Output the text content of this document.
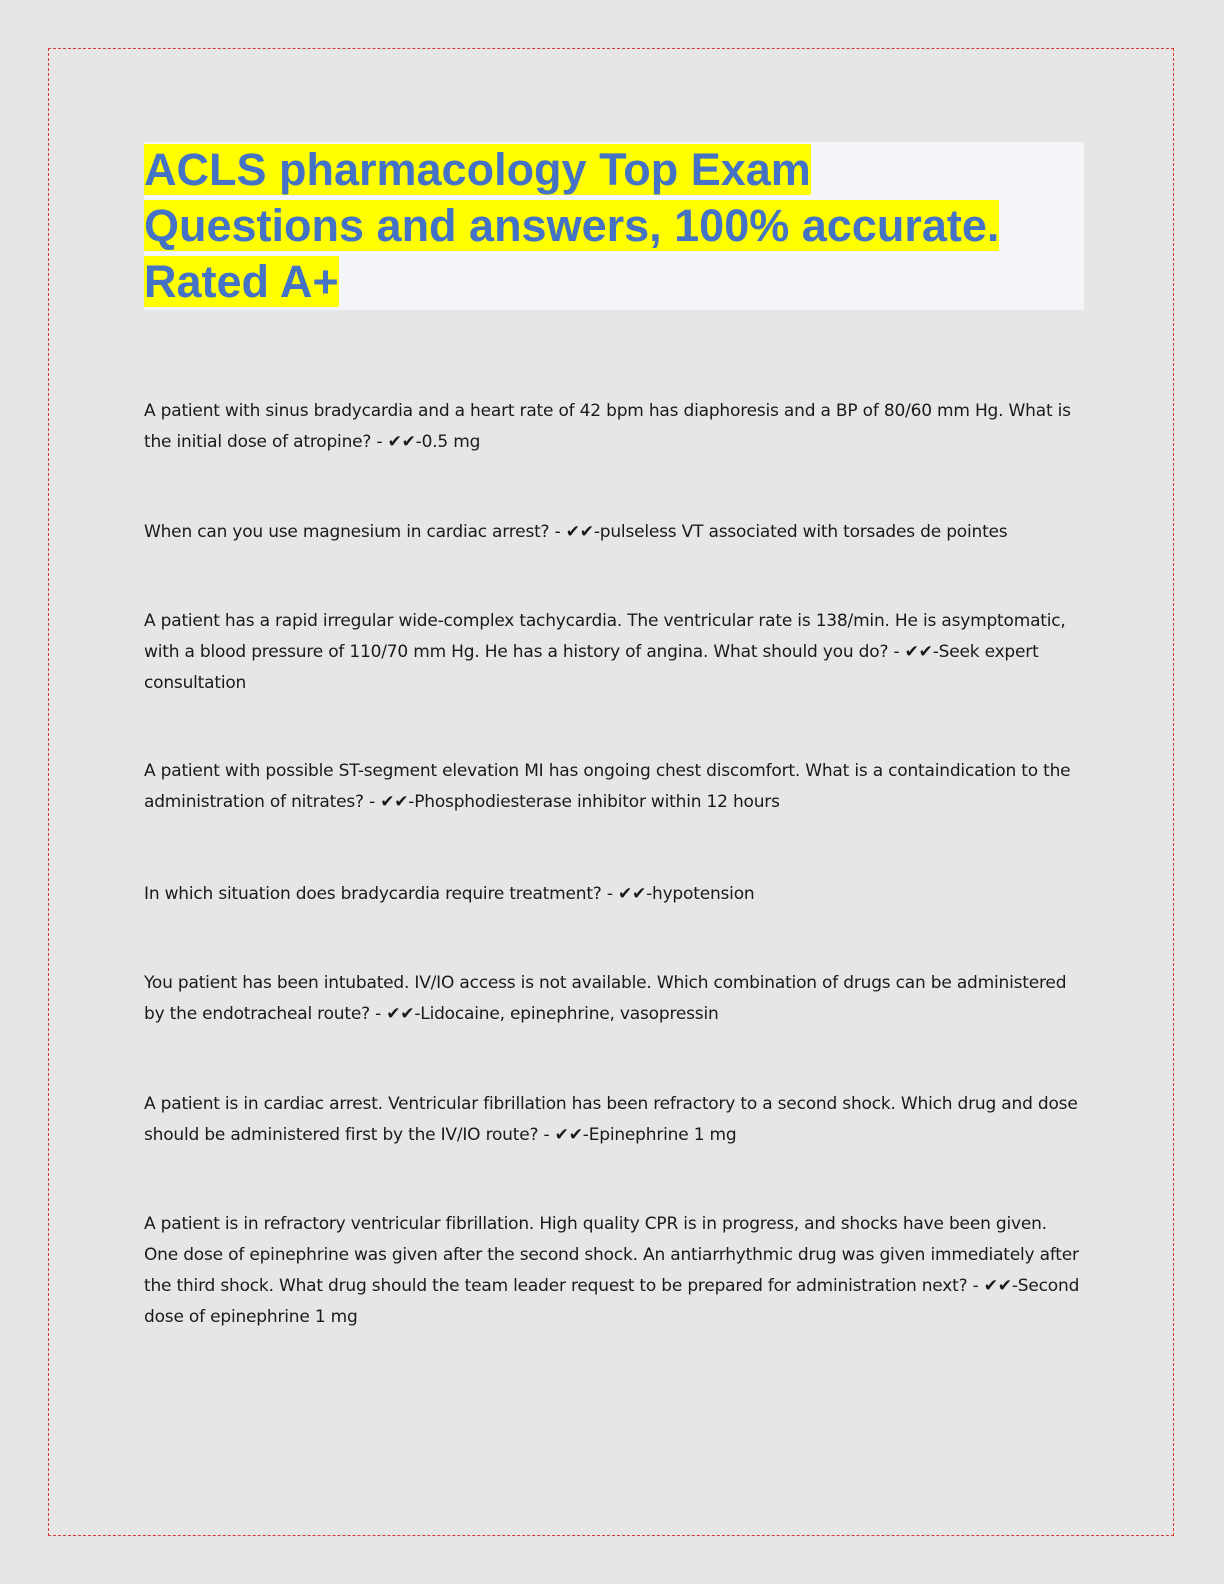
ACLS pharmacology Top Exam
Questions and answers, 100% accurate.
Rated A+

A patient with sinus bradycardia and a heart rate of 42 bpm has diaphoresis and a BP of 80/60 mm Hg. What is the initial dose of atropine? - ✔✔-0.5 mg

When can you use magnesium in cardiac arrest? - ✔✔-pulseless VT associated with torsades de pointes

A patient has a rapid irregular wide-complex tachycardia. The ventricular rate is 138/min. He is asymptomatic, with a blood pressure of 110/70 mm Hg. He has a history of angina. What should you do? - ✔✔-Seek expert consultation

A patient with possible ST-segment elevation MI has ongoing chest discomfort. What is a containdication to the administration of nitrates? - ✔✔-Phosphodiesterase inhibitor within 12 hours

In which situation does bradycardia require treatment? - ✔✔-hypotension

You patient has been intubated. IV/IO access is not available. Which combination of drugs can be administered by the endotracheal route? - ✔✔-Lidocaine, epinephrine, vasopressin

A patient is in cardiac arrest. Ventricular fibrillation has been refractory to a second shock. Which drug and dose should be administered first by the IV/IO route? - ✔✔-Epinephrine 1 mg

A patient is in refractory ventricular fibrillation. High quality CPR is in progress, and shocks have been given. One dose of epinephrine was given after the second shock. An antiarrhythmic drug was given immediately after the third shock. What drug should the team leader request to be prepared for administration next? - ✔✔-Second dose of epinephrine 1 mg
